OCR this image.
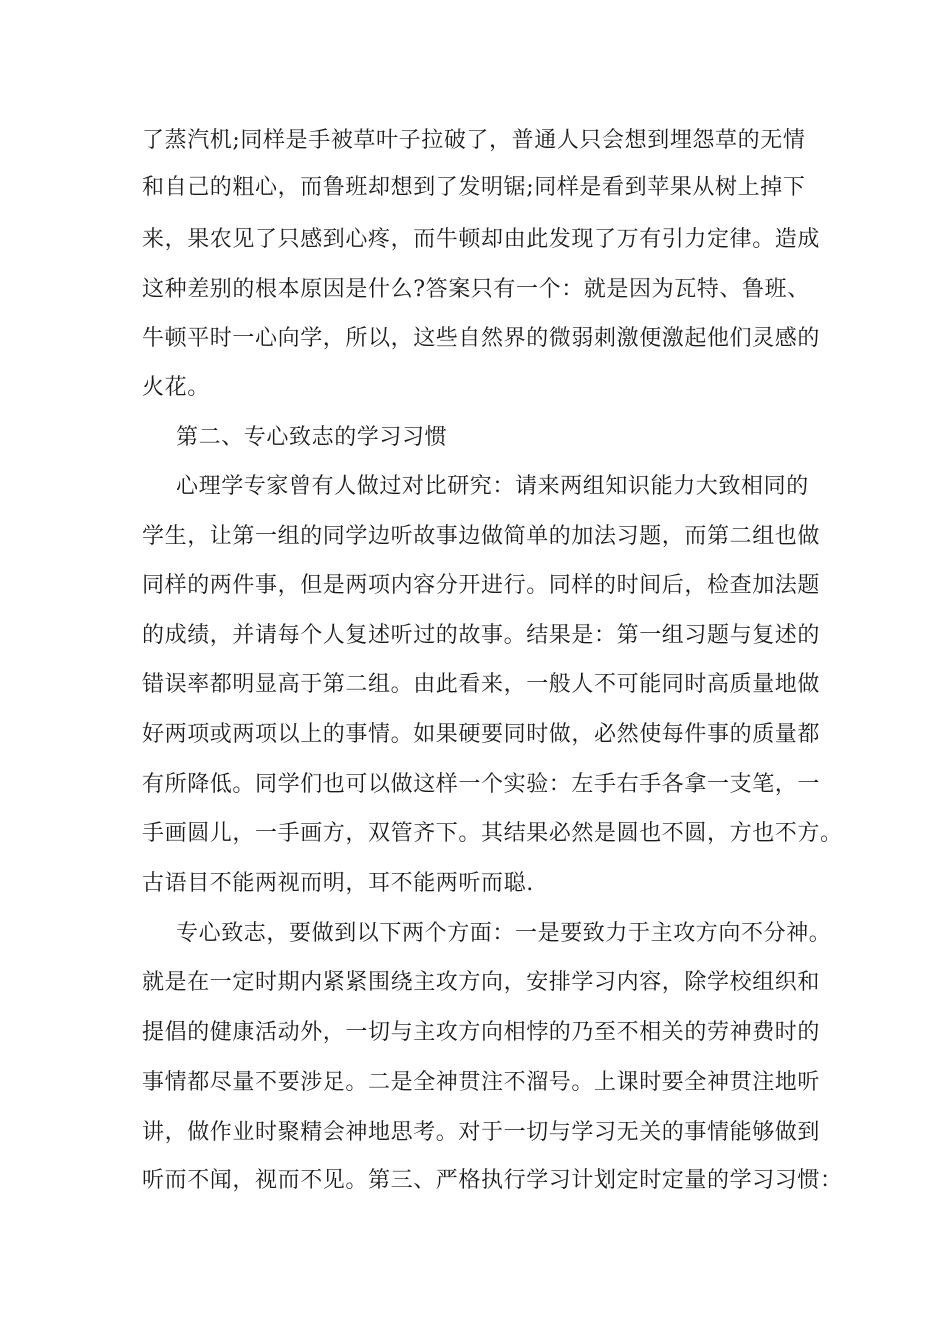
了蒸汽机;同样是手被草叶子拉破了，普通人只会想到埋怨草的无情
和自己的粗心，而鲁班却想到了发明锯;同样是看到苹果从树上掉下
来，果农见了只感到心疼，而牛顿却由此发现了万有引力定律。造成
这种差别的根本原因是什么?答案只有一个：就是因为瓦特、鲁班、
牛顿平时一心向学，所以，这些自然界的微弱刺激便激起他们灵感的
火花。
第二、专心致志的学习习惯
心理学专家曾有人做过对比研究：请来两组知识能力大致相同的
学生，让第一组的同学边听故事边做简单的加法习题，而第二组也做
同样的两件事，但是两项内容分开进行。同样的时间后，检查加法题
的成绩，并请每个人复述听过的故事。结果是：第一组习题与复述的
错误率都明显高于第二组。由此看来，一般人不可能同时高质量地做
好两项或两项以上的事情。如果硬要同时做，必然使每件事的质量都
有所降低。同学们也可以做这样一个实验：左手右手各拿一支笔，一
手画圆儿，一手画方，双管齐下。其结果必然是圆也不圆，方也不方。
古语目不能两视而明，耳不能两听而聪.
专心致志，要做到以下两个方面：一是要致力于主攻方向不分神。
就是在一定时期内紧紧围绕主攻方向，安排学习内容，除学校组织和
提倡的健康活动外，一切与主攻方向相悖的乃至不相关的劳神费时的
事情都尽量不要涉足。二是全神贯注不溜号。上课时要全神贯注地听
讲，做作业时聚精会神地思考。对于一切与学习无关的事情能够做到
听而不闻，视而不见。第三、严格执行学习计划定时定量的学习习惯：
